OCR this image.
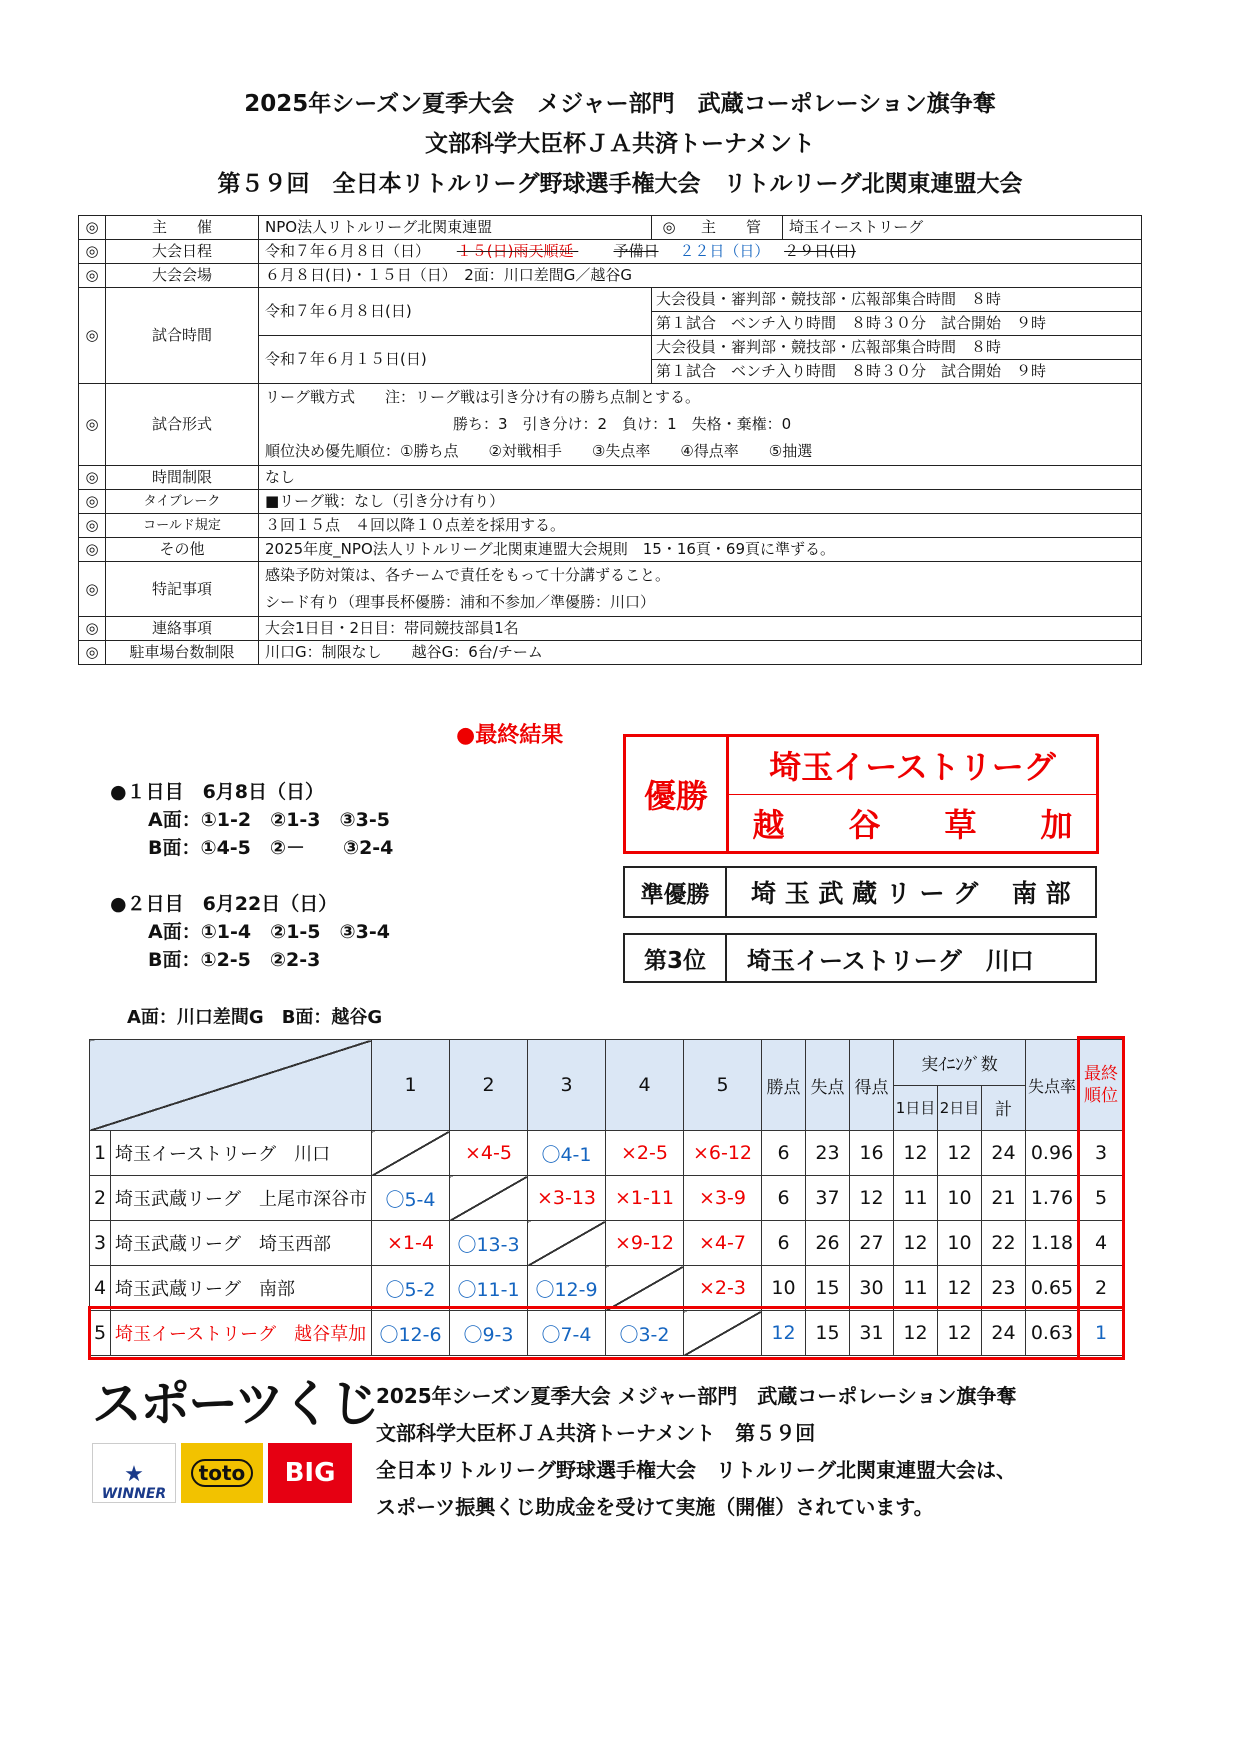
2025年シーズン夏季大会　メジャー部門　武蔵コーポレーション旗争奪
文部科学大臣杯ＪＡ共済トーナメント
第５９回　全日本リトルリーグ野球選手権大会　リトルリーグ北関東連盟大会
◎	主　　催	NPO法人リトルリーグ北関東連盟	◎ 主　　管	埼玉イーストリーグ
◎	大会日程	令和７年６月８日（日） １５(日)雨天順延 予備日 ２２日（日） ２９日(日)		
◎	大会会場	６月８日(日)・１５日（日）　2面：川口差間G／越谷G		
◎	試合時間	令和７年６月８日(日)	大会役員・審判部・競技部・広報部集合時間　８時	
			第１試合　ベンチ入り時間　８時３０分　試合開始　９時	
		令和７年６月１５日(日)	大会役員・審判部・競技部・広報部集合時間　８時	
			第１試合　ベンチ入り時間　８時３０分　試合開始　９時	
◎	試合形式	リーグ戦方式　　注：リーグ戦は引き分け有の勝ち点制とする。
勝ち：3　引き分け：2　負け：1　失格・棄権：0
順位決め優先順位：①勝ち点　　②対戦相手　　③失点率　　④得点率　　⑤抽選		

◎	時間制限	なし		
◎	タイブレーク	■リーグ戦：なし（引き分け有り）		
◎	コールド規定	３回１５点　４回以降１０点差を採用する。		
◎	その他	2025年度_NPO法人リトルリーグ北関東連盟大会規則　15・16頁・69頁に準ずる。		
◎	特記事項	感染予防対策は、各チームで責任をもって十分講ずること。
シード有り（理事長杯優勝：浦和不参加／準優勝：川口）		

◎	連絡事項	大会1日目・2日目：帯同競技部員1名		
◎	駐車場台数制限	川口G：制限なし　　越谷G：6台/チーム		
●最終結果
●１日目　6月8日（日）
A面：①1-2　②1-3　③3-5
B面：①4-5　②－　　③2-4
●２日目　6月22日（日）
A面：①1-4　②1-5　③3-4
B面：①2-5　②2-3
優勝
埼玉イーストリーグ
越　　谷　　草　　加
準優勝	埼 玉 武 蔵 リ ー グ　 南 部
第3位	埼玉イーストリーグ　川口
A面：川口差間G　B面：越谷G
		1	2	3	4	5	勝点	失点	得点	実ｲﾆﾝｸﾞ数			失点率	最終順位
										1日目	2日目	計		
1	埼玉イーストリーグ　川口		×4-5	〇4-1	×2-5	×6-12	6	23	16	12	12	24	0.96	3
2	埼玉武蔵リーグ　上尾市深谷市	〇5-4		×3-13	×1-11	×3-9	6	37	12	11	10	21	1.76	5
3	埼玉武蔵リーグ　埼玉西部	×1-4	〇13-3		×9-12	×4-7	6	26	27	12	10	22	1.18	4
4	埼玉武蔵リーグ　南部	〇5-2	〇11-1	〇12-9		×2-3	10	15	30	11	12	23	0.65	2
5	埼玉イーストリーグ　越谷草加	〇12-6	〇9-3	〇7-4	〇3-2		12	15	31	12	12	24	0.63	1
スポーツくじ
★
WINNER
toto	BIG
2025年シーズン夏季大会 メジャー部門　武蔵コーポレーション旗争奪
文部科学大臣杯ＪＡ共済トーナメント　第５９回
全日本リトルリーグ野球選手権大会　リトルリーグ北関東連盟大会は、
スポーツ振興くじ助成金を受けて実施（開催）されています。
